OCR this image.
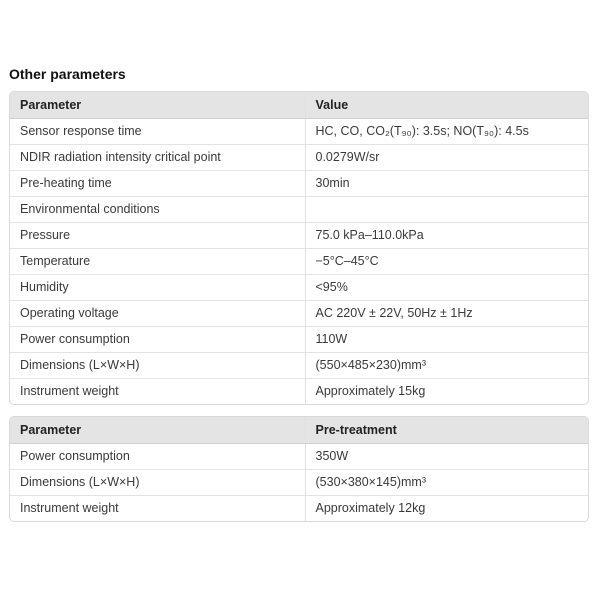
Other parameters
Parameter	Value
Sensor response time	HC, CO, CO₂(T₉₀): 3.5s; NO(T₉₀): 4.5s
NDIR radiation intensity critical point	0.0279W/sr
Pre-heating time	30min
Environmental conditions	
Pressure	75.0 kPa–110.0kPa
Temperature	−5°C–45°C
Humidity	<95%
Operating voltage	AC 220V ± 22V, 50Hz ± 1Hz
Power consumption	110W
Dimensions (L×W×H)	(550×485×230)mm³
Instrument weight	Approximately 15kg
Parameter	Pre-treatment
Power consumption	350W
Dimensions (L×W×H)	(530×380×145)mm³
Instrument weight	Approximately 12kg
